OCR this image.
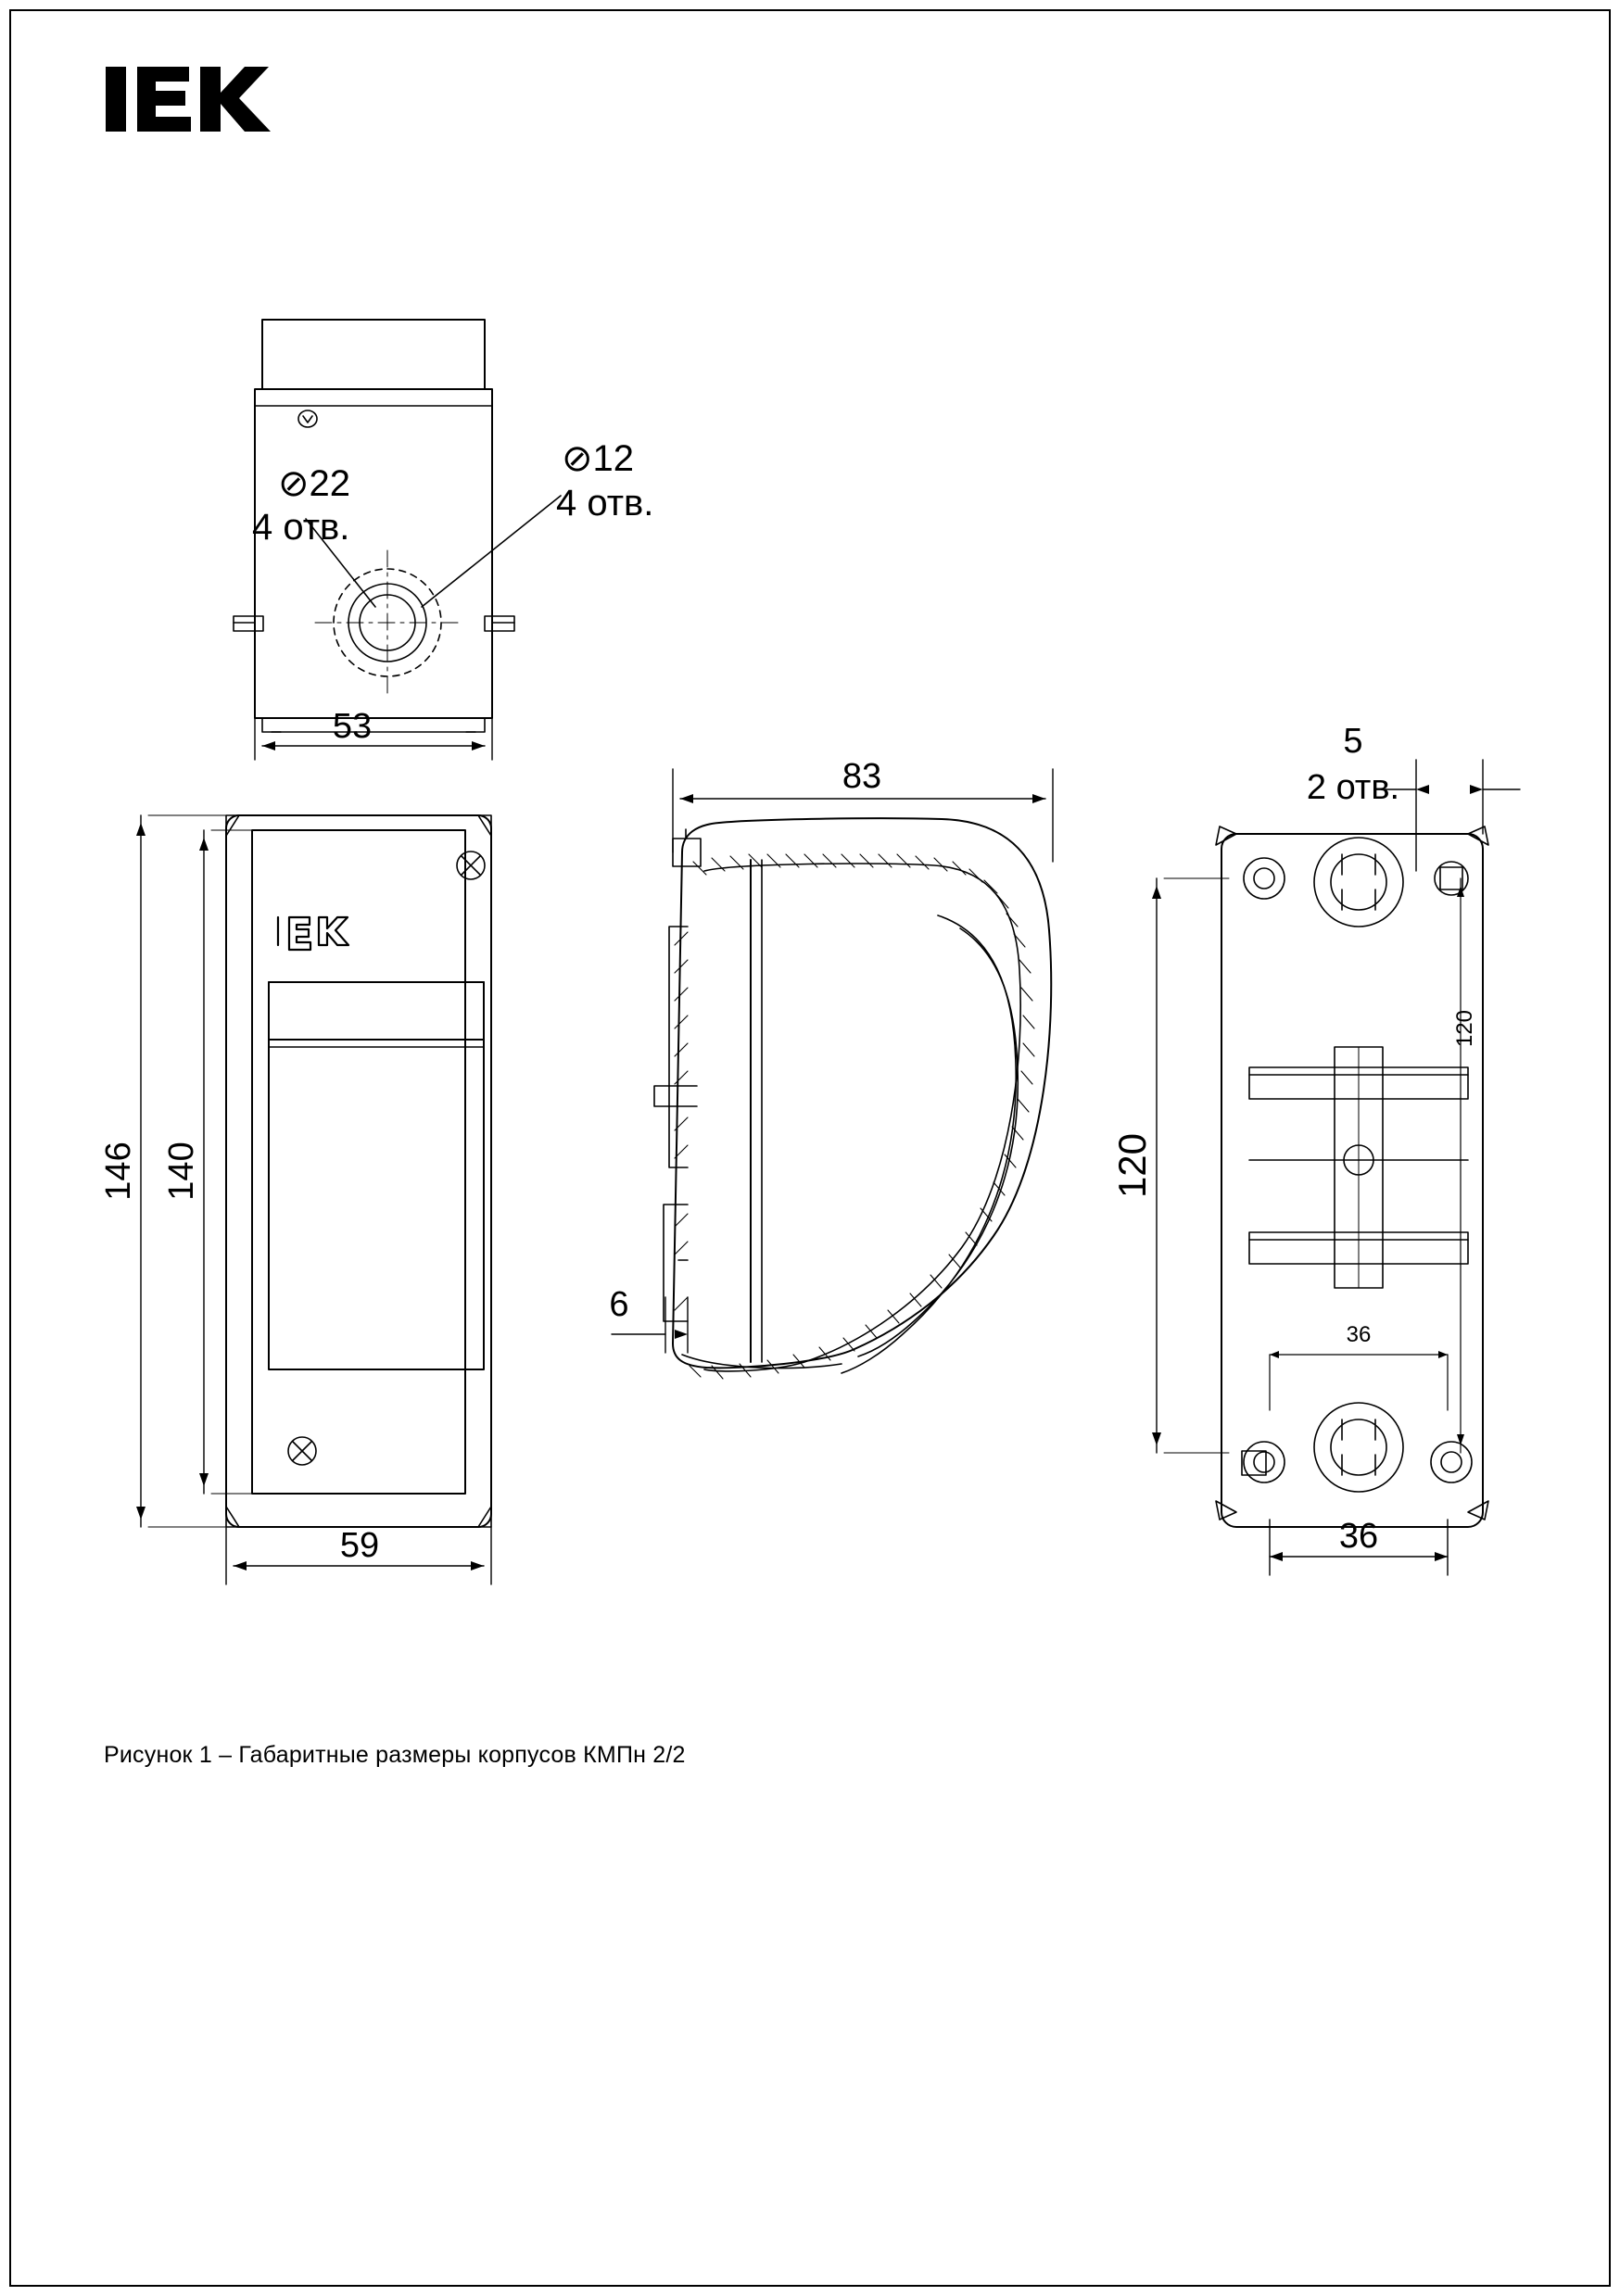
⊘22
4 отв.
⊘12
4 отв.
53
146 140
59
83
6
5
2 отв.
120
120
36
36
Рисунок 1 – Габаритные размеры корпусов КМПн 2/2
